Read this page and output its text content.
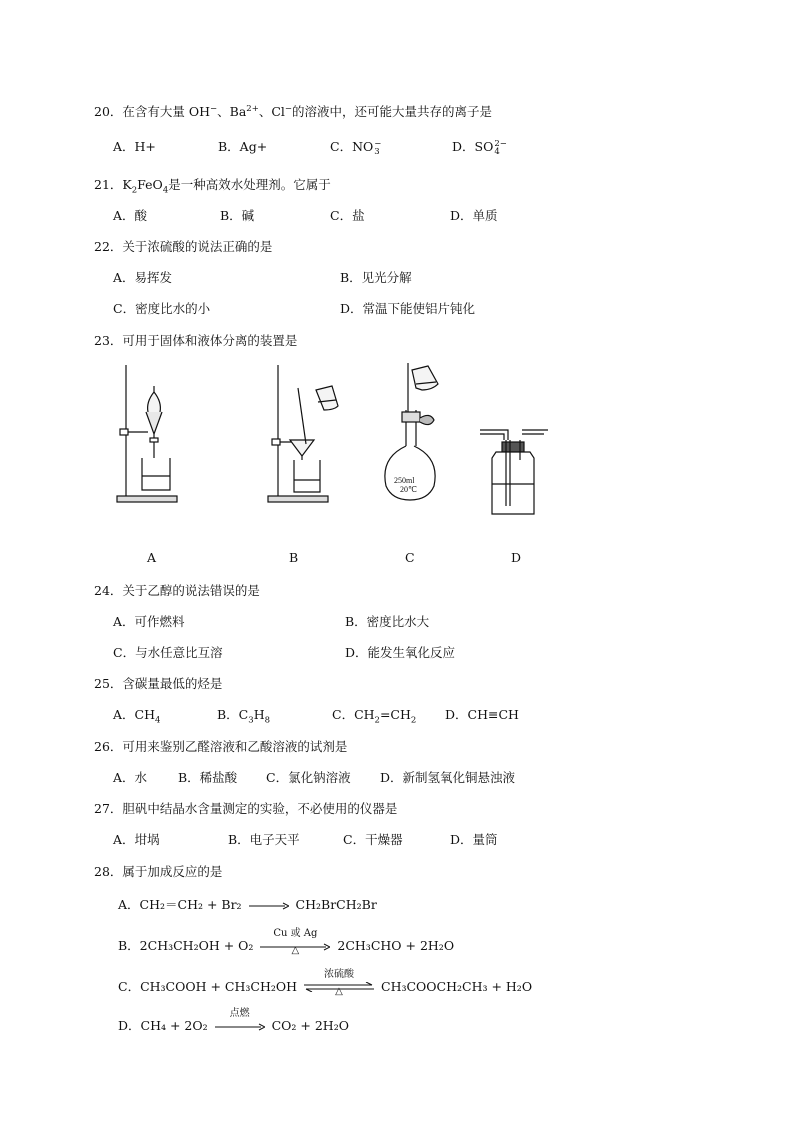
20．在含有大量 OH−、$Ba^{2+}$、Cl−的溶液中，还可能大量共存的离子是
A．H+	B．Ag+	C．NO −
3	D．SO 2−
4
21．$K_2FeO_4$是一种高效水处理剂。它属于
A．酸	B．碱	C．盐	D．单质
22．关于浓硫酸的说法正确的是
A．易挥发	B．见光分解
C．密度比水的小	D．常温下能使铝片钝化
23．可用于固体和液体分离的装置是
250ml
20℃
A	B	C	D
24．关于乙醇的说法错误的是
A．可作燃料	B．密度比水大
C．与水任意比互溶	D．能发生氧化反应
25．含碳量最低的烃是
A．$CH_4$	B．$C_3H_8$	C．$CH_2=CH_2$ D．CH≡CH
26．可用来鉴别乙醛溶液和乙酸溶液的试剂是
A．水 B．稀盐酸 C．氯化钠溶液 D．新制氢氧化铜悬浊液
27．胆矾中结晶水含量测定的实验，不必使用的仪器是
A．坩埚	B．电子天平	C．干燥器	D．量筒
28．属于加成反应的是
A．CH₂＝CH₂ + Br₂ → CH₂BrCH₂Br
B．2CH₃CH₂OH + O₂
Cu 或 Ag
△	2CH₃CHO + 2H₂O
C．CH₃COOH + CH₃CH₂OH
浓硫酸
△	CH₃COOCH₂CH₃ + H₂O
D．CH₄ + 2O₂
点燃
CO₂ + 2H₂O
